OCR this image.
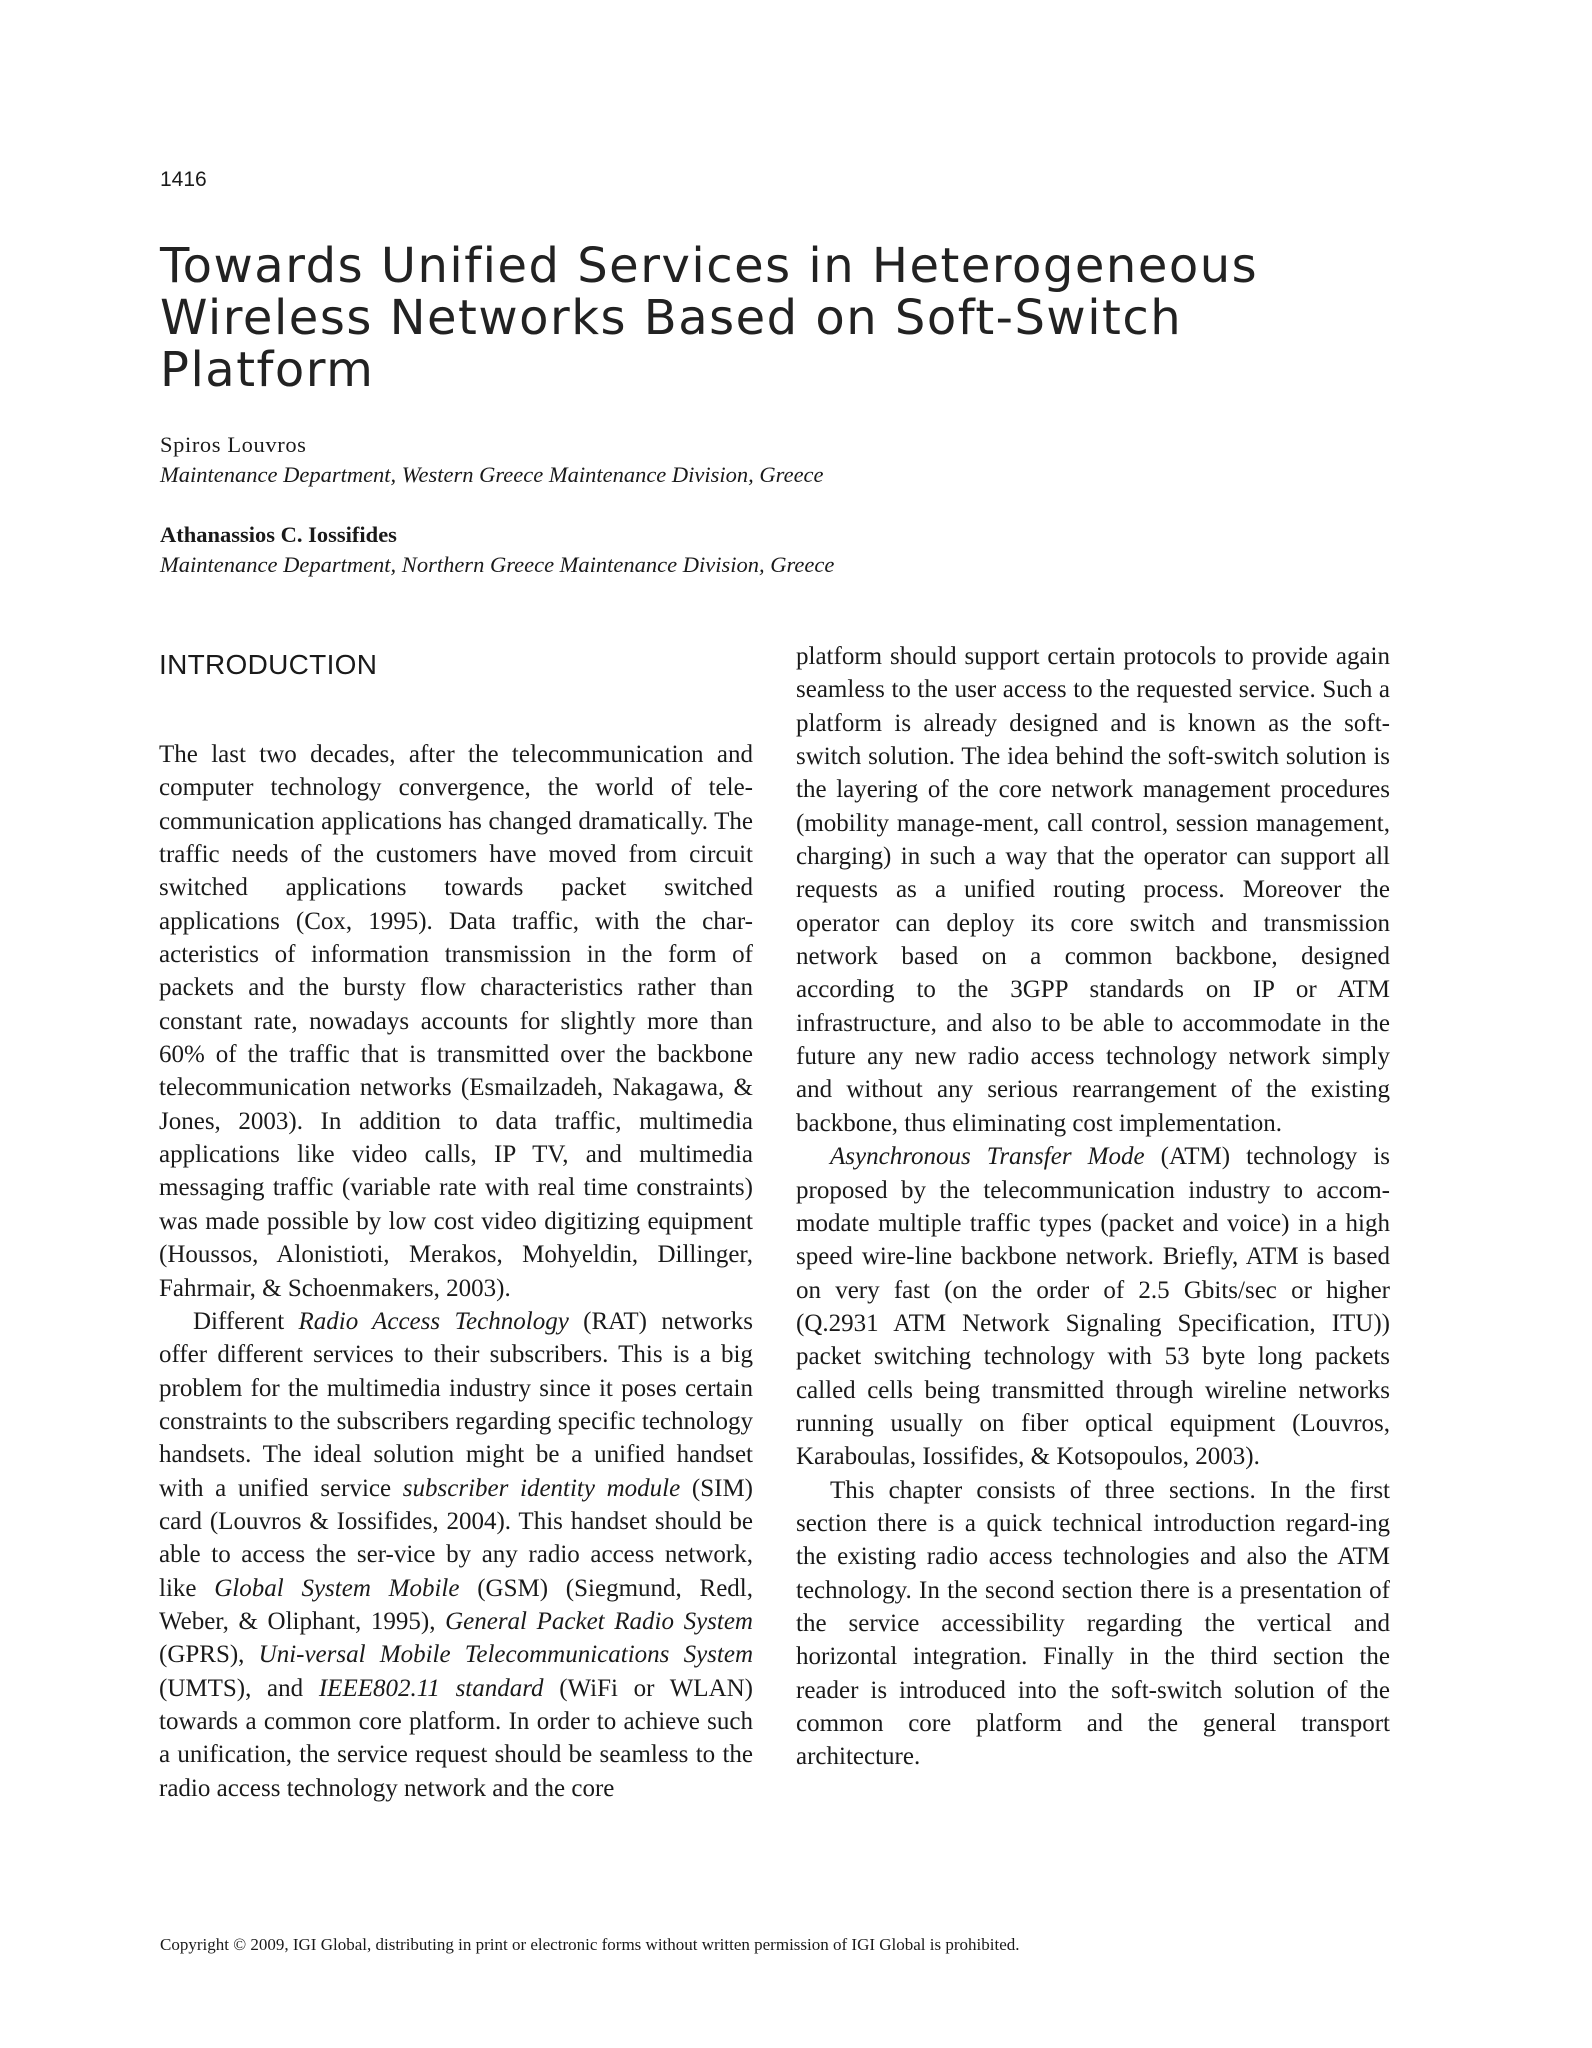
1416
Towards Unified Services in Heterogeneous
Wireless Networks Based on Soft-Switch
Platform
Spiros Louvros
Maintenance Department, Western Greece Maintenance Division, Greece
Athanassios C. Iossifides
Maintenance Department, Northern Greece Maintenance Division, Greece
INTRODUCTION

The last two decades, after the telecommunication and computer technology convergence, the world of tele-communication applications has changed dramatically. The traffic needs of the customers have moved from circuit switched applications towards packet switched applications (Cox, 1995). Data traffic, with the char-acteristics of information transmission in the form of packets and the bursty flow characteristics rather than constant rate, nowadays accounts for slightly more than 60% of the traffic that is transmitted over the backbone telecommunication networks (Esmailzadeh, Nakagawa, & Jones, 2003). In addition to data traffic, multimedia applications like video calls, IP TV, and multimedia messaging traffic (variable rate with real time constraints) was made possible by low cost video digitizing equipment (Houssos, Alonistioti, Merakos, Mohyeldin, Dillinger, Fahrmair, & Schoenmakers, 2003).

Different Radio Access Technology (RAT) networks offer different services to their subscribers. This is a big problem for the multimedia industry since it poses certain constraints to the subscribers regarding specific technology handsets. The ideal solution might be a unified handset with a unified service subscriber identity module (SIM) card (Louvros & Iossifides, 2004). This handset should be able to access the ser-vice by any radio access network, like Global System Mobile (GSM) (Siegmund, Redl, Weber, & Oliphant, 1995), General Packet Radio System (GPRS), Uni-versal Mobile Telecommunications System (UMTS), and IEEE802.11 standard (WiFi or WLAN) towards a common core platform. In order to achieve such a unification, the service request should be seamless to the radio access technology network and the core

platform should support certain protocols to provide again seamless to the user access to the requested service. Such a platform is already designed and is known as the soft-switch solution. The idea behind the soft-switch solution is the layering of the core network management procedures (mobility manage-ment, call control, session management, charging) in such a way that the operator can support all requests as a unified routing process. Moreover the operator can deploy its core switch and transmission network based on a common backbone, designed according to the 3GPP standards on IP or ATM infrastructure, and also to be able to accommodate in the future any new radio access technology network simply and without any serious rearrangement of the existing backbone, thus eliminating cost implementation.

Asynchronous Transfer Mode (ATM) technology is proposed by the telecommunication industry to accom-modate multiple traffic types (packet and voice) in a high speed wire-line backbone network. Briefly, ATM is based on very fast (on the order of 2.5 Gbits/sec or higher (Q.2931 ATM Network Signaling Specification, ITU)) packet switching technology with 53 byte long packets called cells being transmitted through wireline networks running usually on fiber optical equipment (Louvros, Karaboulas, Iossifides, & Kotsopoulos, 2003).

This chapter consists of three sections. In the first section there is a quick technical introduction regard-ing the existing radio access technologies and also the ATM technology. In the second section there is a presentation of the service accessibility regarding the vertical and horizontal integration. Finally in the third section the reader is introduced into the soft-switch solution of the common core platform and the general transport architecture.

Copyright © 2009, IGI Global, distributing in print or electronic forms without written permission of IGI Global is prohibited.
